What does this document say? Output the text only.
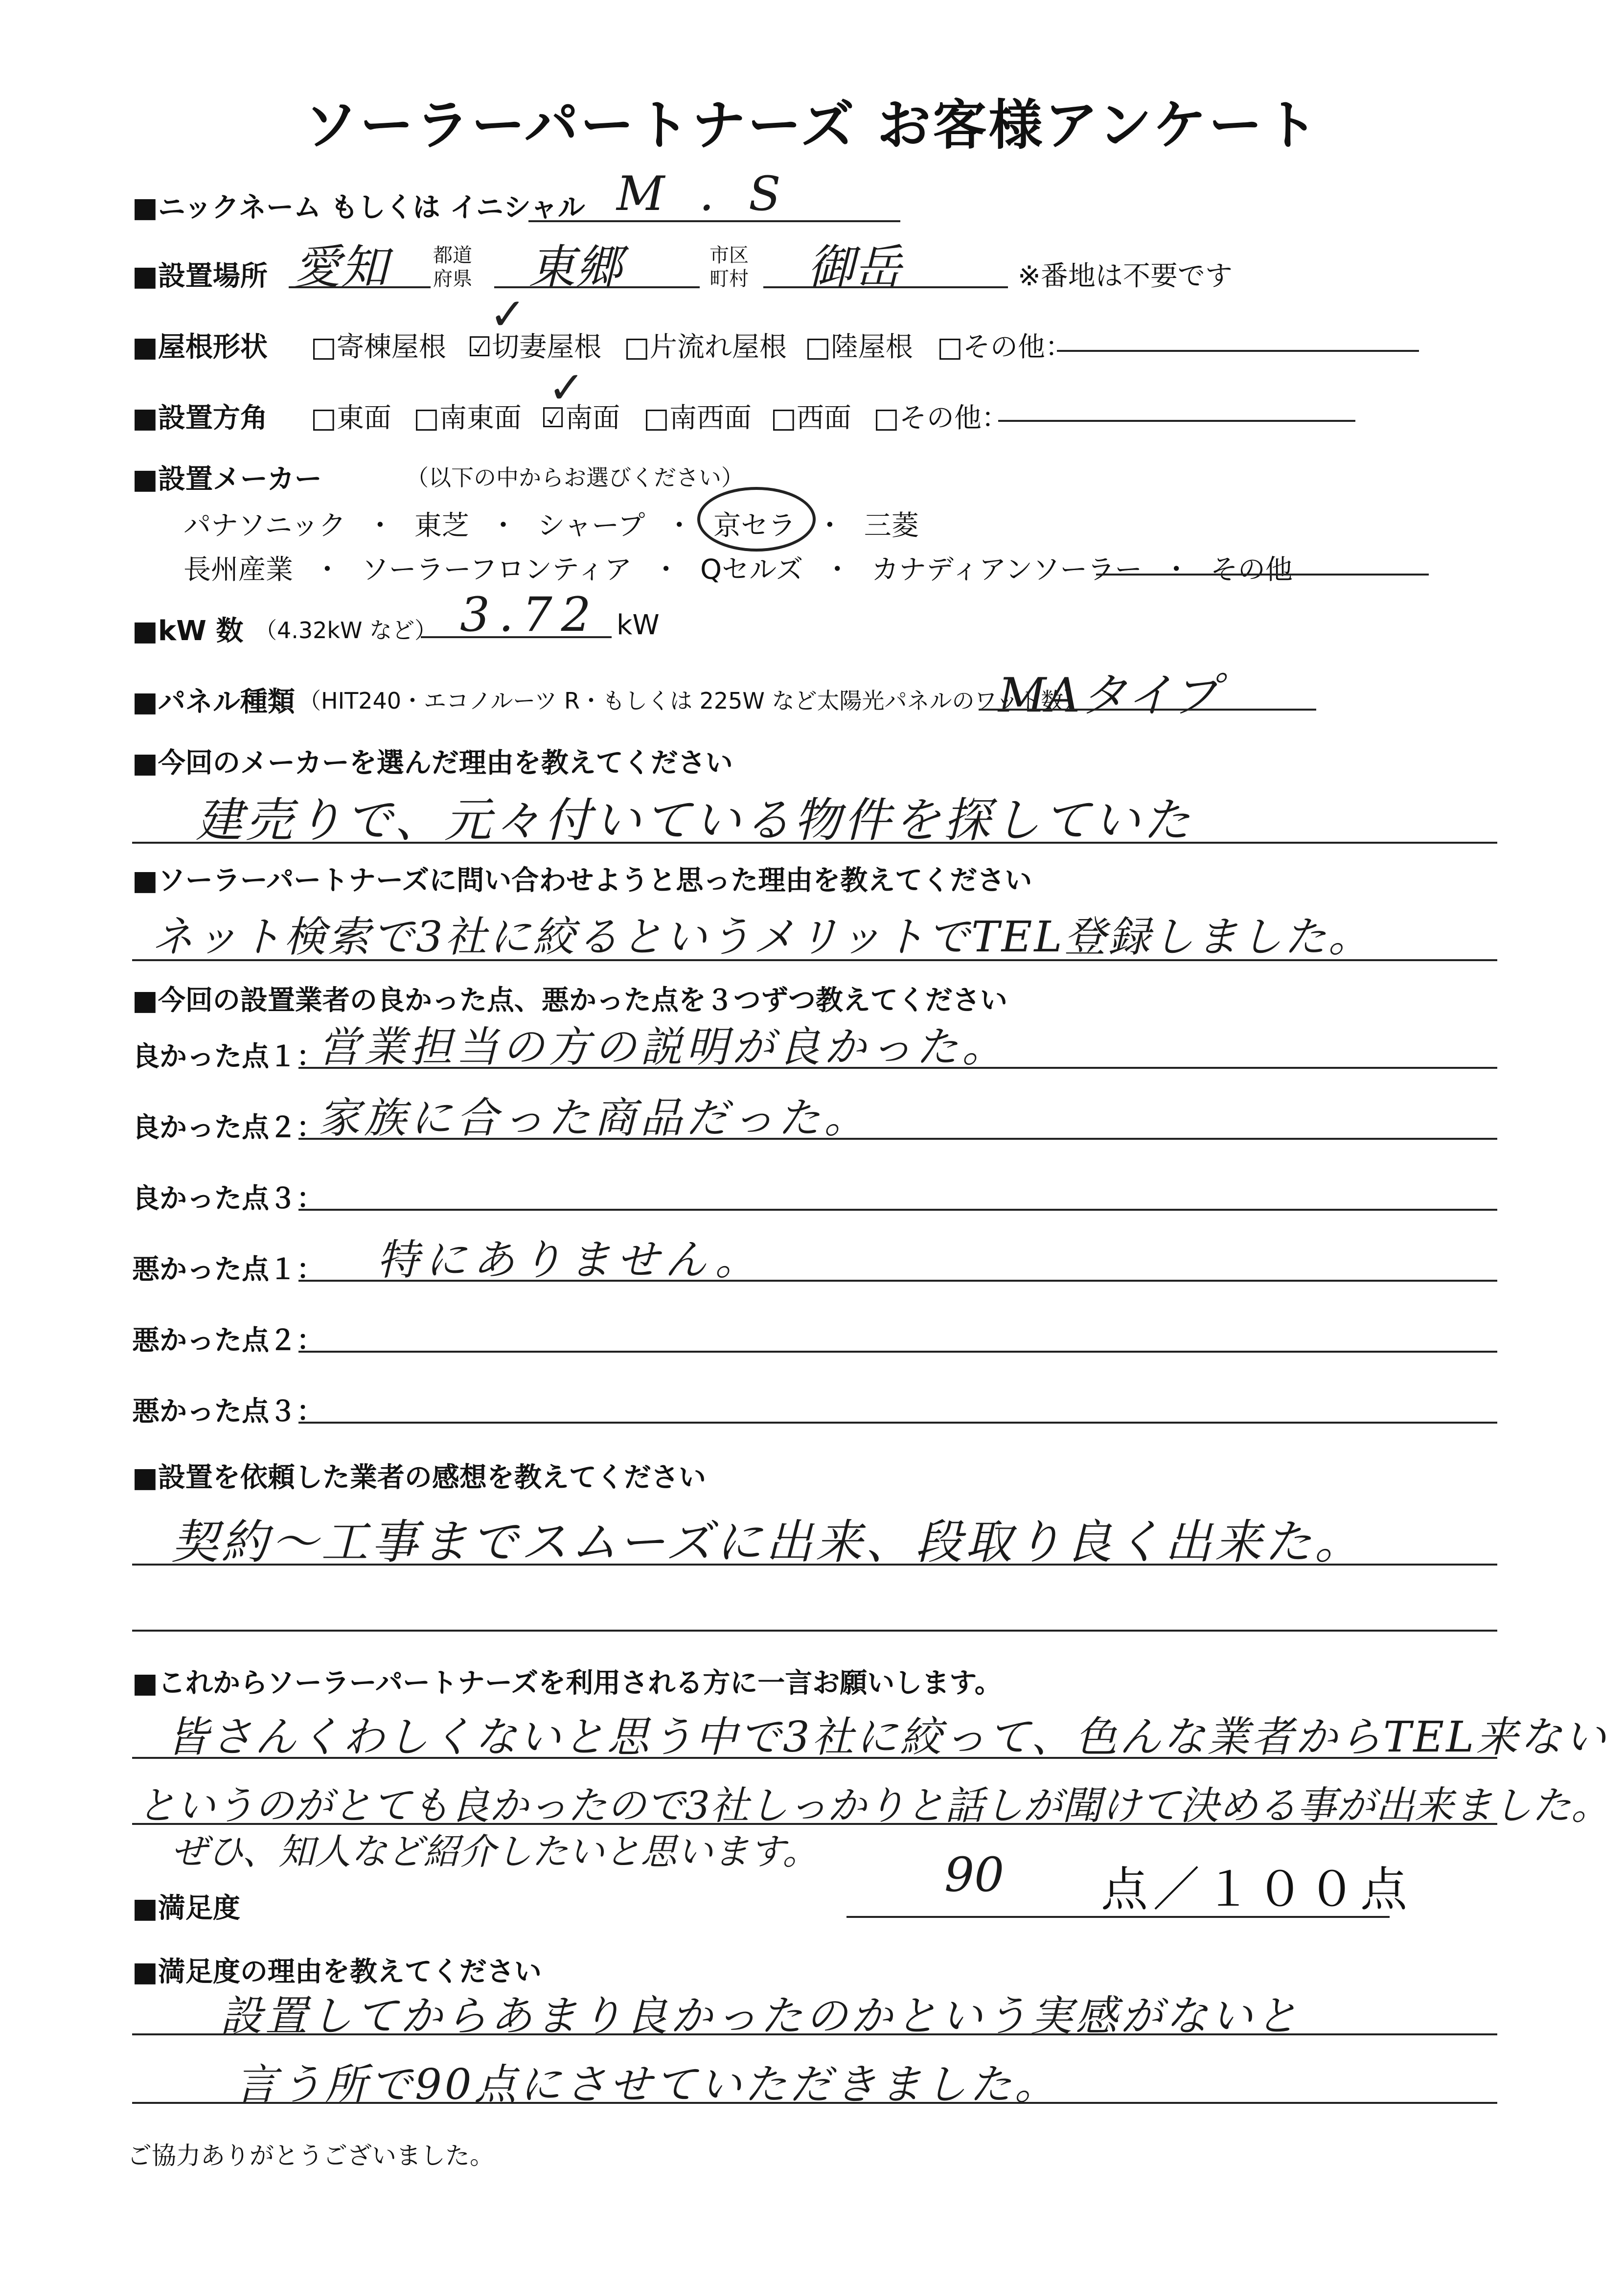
ソーラーパートナーズ お客様アンケート
■ニックネーム もしくは イニシャル M . S
■設置場所 愛知 都道
府県 東郷	市区
町村 御岳	※番地は不要です
■屋根形状 □寄棟屋根 ☑切妻屋根 □片流れ屋根 □陸屋根 □その他：
✓
■設置方角 □東面 □南東面 ☑南面 □南西面 □西面 □その他：
✓
■設置メーカー	（以下の中からお選びください）
パナソニック ・ 東芝 ・ シャープ ・ 京セラ ・ 三菱
長州産業 ・ ソーラーフロンティア ・ Qセルズ ・ カナディアンソーラー ・ その他
■kW 数 （4.32kW など） 3.72 kW
■パネル種類 （HIT240・エコノルーツ R・もしくは 225W など太陽光パネルのワット数）
MAタイプ
■今回のメーカーを選んだ理由を教えてください
建売りで、元々付いている物件を探していた
■ソーラーパートナーズに問い合わせようと思った理由を教えてください
ネット検索で3社に絞るというメリットでTEL登録しました。
■今回の設置業者の良かった点、悪かった点を３つずつ教えてください
良かった点１：
営業担当の方の説明が良かった。
良かった点２：
家族に合った商品だった。
良かった点３：
悪かった点１： 特にありません。
悪かった点２：
悪かった点３：
■設置を依頼した業者の感想を教えてください
契約〜工事までスムーズに出来、段取り良く出来た。
■これからソーラーパートナーズを利用される方に一言お願いします。
皆さんくわしくないと思う中で3社に絞って、色んな業者からTEL来ない
というのがとても良かったので3社しっかりと話しが聞けて決める事が出来ました。
ぜひ、知人など紹介したいと思います。
■満足度
90 点／１００点
■満足度の理由を教えてください
設置してからあまり良かったのかという実感がないと
言う所で90点にさせていただきました。
ご協力ありがとうございました。
